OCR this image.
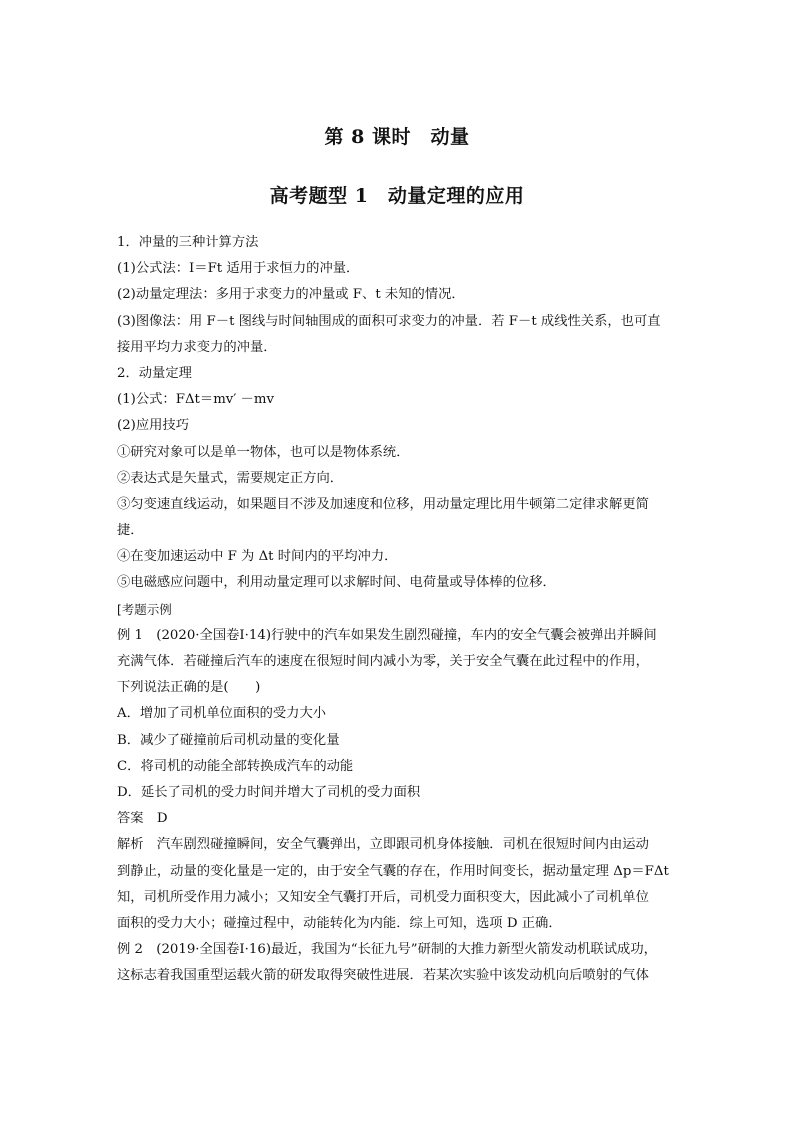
第 8 课时　动量
高考题型 1　动量定理的应用
1．冲量的三种计算方法
(1)公式法：I＝Ft 适用于求恒力的冲量．
(2)动量定理法：多用于求变力的冲量或 F、t 未知的情况．
(3)图像法：用 F－t 图线与时间轴围成的面积可求变力的冲量．若 F－t 成线性关系，也可直
接用平均力求变力的冲量．
2．动量定理
(1)公式：FΔt＝mv′ －mv
(2)应用技巧
①研究对象可以是单一物体，也可以是物体系统．
②表达式是矢量式，需要规定正方向．
③匀变速直线运动，如果题目不涉及加速度和位移，用动量定理比用牛顿第二定律求解更简
捷．
④在变加速运动中 F 为 Δt 时间内的平均冲力．
⑤电磁感应问题中，利用动量定理可以求解时间、电荷量或导体棒的位移．
[考题示例
例 1　(2020·全国卷Ⅰ·14)行驶中的汽车如果发生剧烈碰撞，车内的安全气囊会被弹出并瞬间
充满气体．若碰撞后汽车的速度在很短时间内减小为零，关于安全气囊在此过程中的作用，
下列说法正确的是(　　)
A．增加了司机单位面积的受力大小
B．减少了碰撞前后司机动量的变化量
C．将司机的动能全部转换成汽车的动能
D．延长了司机的受力时间并增大了司机的受力面积
答案　D
解析　汽车剧烈碰撞瞬间，安全气囊弹出，立即跟司机身体接触．司机在很短时间内由运动
到静止，动量的变化量是一定的，由于安全气囊的存在，作用时间变长，据动量定理 Δp＝FΔt
知，司机所受作用力减小；又知安全气囊打开后，司机受力面积变大，因此减小了司机单位
面积的受力大小；碰撞过程中，动能转化为内能．综上可知，选项 D 正确．
例 2　(2019·全国卷Ⅰ·16)最近，我国为“长征九号”研制的大推力新型火箭发动机联试成功，
这标志着我国重型运载火箭的研发取得突破性进展．若某次实验中该发动机向后喷射的气体
